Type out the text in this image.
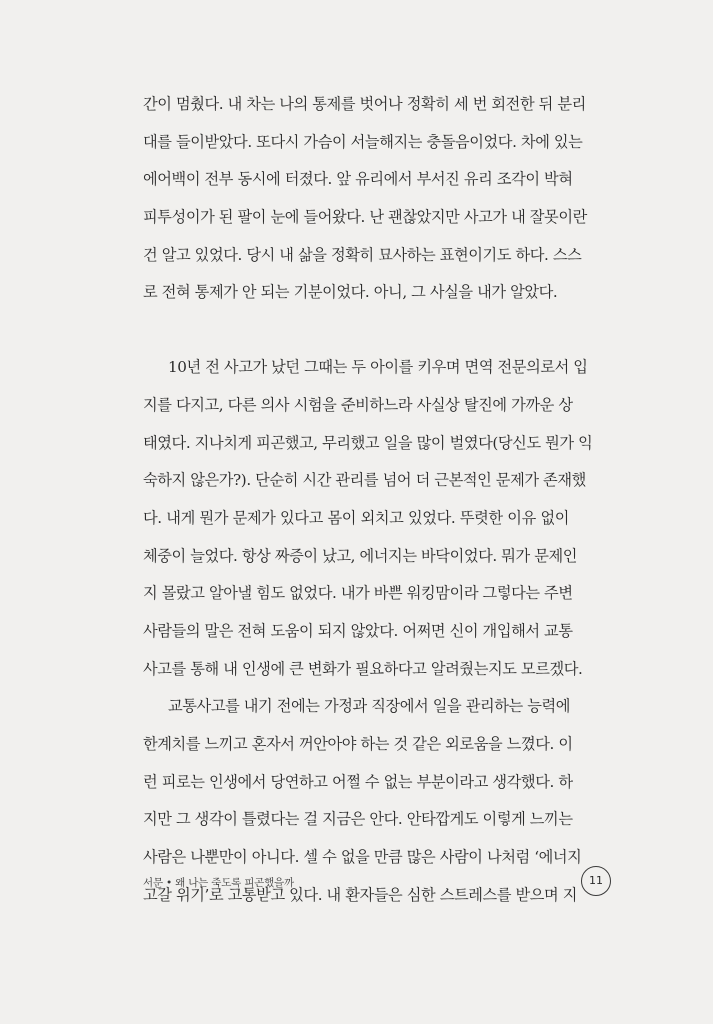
간이 멈췄다. 내 차는 나의 통제를 벗어나 정확히 세 번 회전한 뒤 분리
대를 들이받았다. 또다시 가슴이 서늘해지는 충돌음이었다. 차에 있는
에어백이 전부 동시에 터졌다. 앞 유리에서 부서진 유리 조각이 박혀
피투성이가 된 팔이 눈에 들어왔다. 난 괜찮았지만 사고가 내 잘못이란
건 알고 있었다. 당시 내 삶을 정확히 묘사하는 표현이기도 하다. 스스
로 전혀 통제가 안 되는 기분이었다. 아니, 그 사실을 내가 알았다.
10년 전 사고가 났던 그때는 두 아이를 키우며 면역 전문의로서 입
지를 다지고, 다른 의사 시험을 준비하느라 사실상 탈진에 가까운 상
태였다. 지나치게 피곤했고, 무리했고 일을 많이 벌였다(당신도 뭔가 익
숙하지 않은가?). 단순히 시간 관리를 넘어 더 근본적인 문제가 존재했
다. 내게 뭔가 문제가 있다고 몸이 외치고 있었다. 뚜렷한 이유 없이
체중이 늘었다. 항상 짜증이 났고, 에너지는 바닥이었다. 뭐가 문제인
지 몰랐고 알아낼 힘도 없었다. 내가 바쁜 워킹맘이라 그렇다는 주변
사람들의 말은 전혀 도움이 되지 않았다. 어쩌면 신이 개입해서 교통
사고를 통해 내 인생에 큰 변화가 필요하다고 알려줬는지도 모르겠다.
교통사고를 내기 전에는 가정과 직장에서 일을 관리하는 능력에
한계치를 느끼고 혼자서 꺼안아야 하는 것 같은 외로움을 느꼈다. 이
런 피로는 인생에서 당연하고 어쩔 수 없는 부분이라고 생각했다. 하
지만 그 생각이 틀렸다는 걸 지금은 안다. 안타깝게도 이렇게 느끼는
사람은 나뿐만이 아니다. 셀 수 없을 만큼 많은 사람이 나처럼 ‘에너지
고갈 위기’로 고통받고 있다. 내 환자들은 심한 스트레스를 받으며 지
서문 • 왜 나는 죽도록 피곤했을까	11
